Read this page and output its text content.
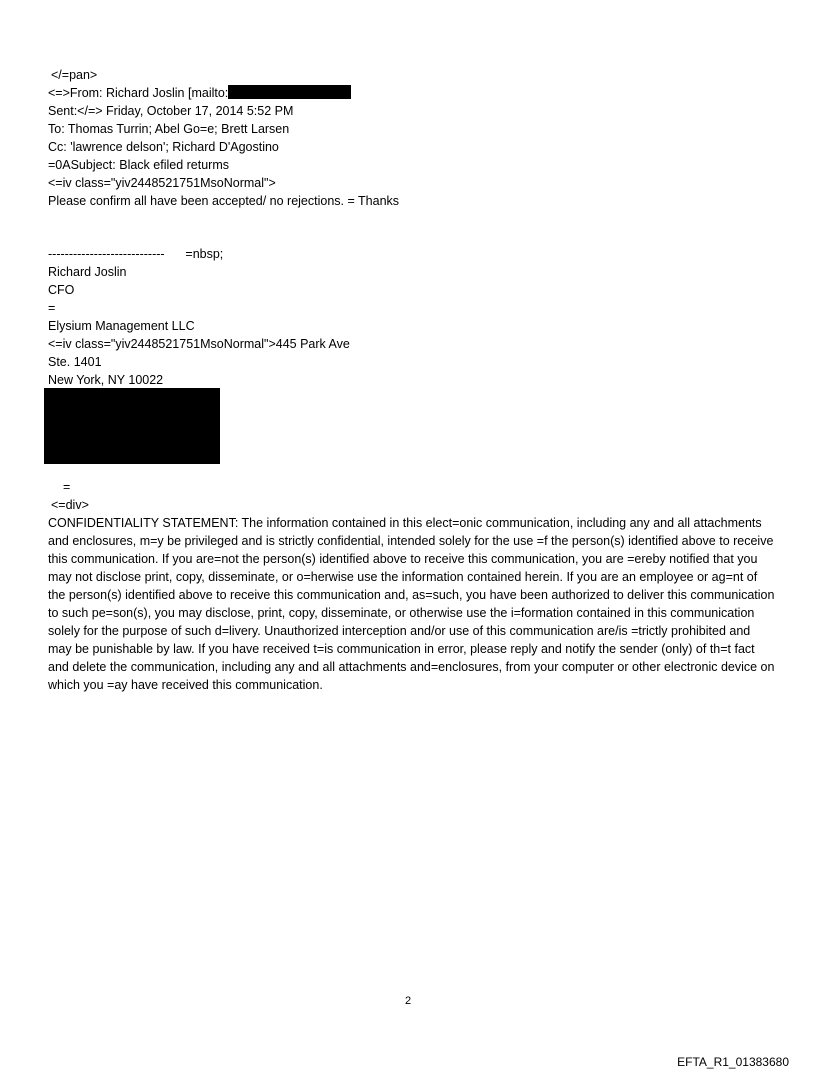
</=pan>
<=>From: Richard Joslin [mailto:
Sent:</=> Friday, October 17, 2014 5:52 PM
To: Thomas Turrin; Abel Go=e; Brett Larsen
Cc: 'lawrence delson'; Richard D'Agostino
=0ASubject: Black efiled returms
<=iv class="yiv2448521751MsoNormal">
Please confirm all have been accepted/ no rejections. = Thanks
----------------------------      =nbsp;
Richard Joslin
CFO
=
Elysium Management LLC
<=iv class="yiv2448521751MsoNormal">445 Park Ave
Ste. 1401
New York, NY 10022
=
<=div>

CONFIDENTIALITY STATEMENT: The information contained in this elect=onic communication, including any and all attachments and enclosures, m=y be privileged and is strictly confidential, intended solely for the use =f the person(s) identified above to receive this communication. If you are=not the person(s) identified above to receive this communication, you are =ereby notified that you may not disclose print, copy, disseminate, or o=herwise use the information contained herein. If you are an employee or ag=nt of the person(s) identified above to receive this communication and, as=such, you have been authorized to deliver this communication to such pe=son(s), you may disclose, print, copy, disseminate, or otherwise use the i=formation contained in this communication solely for the purpose of such d=livery. Unauthorized interception and/or use of this communication are/is =trictly prohibited and may be punishable by law. If you have received t=is communication in error, please reply and notify the sender (only) of th=t fact and delete the communication, including any and all attachments and=enclosures, from your computer or other electronic device on which you =ay have received this communication.

2
EFTA_R1_01383680
